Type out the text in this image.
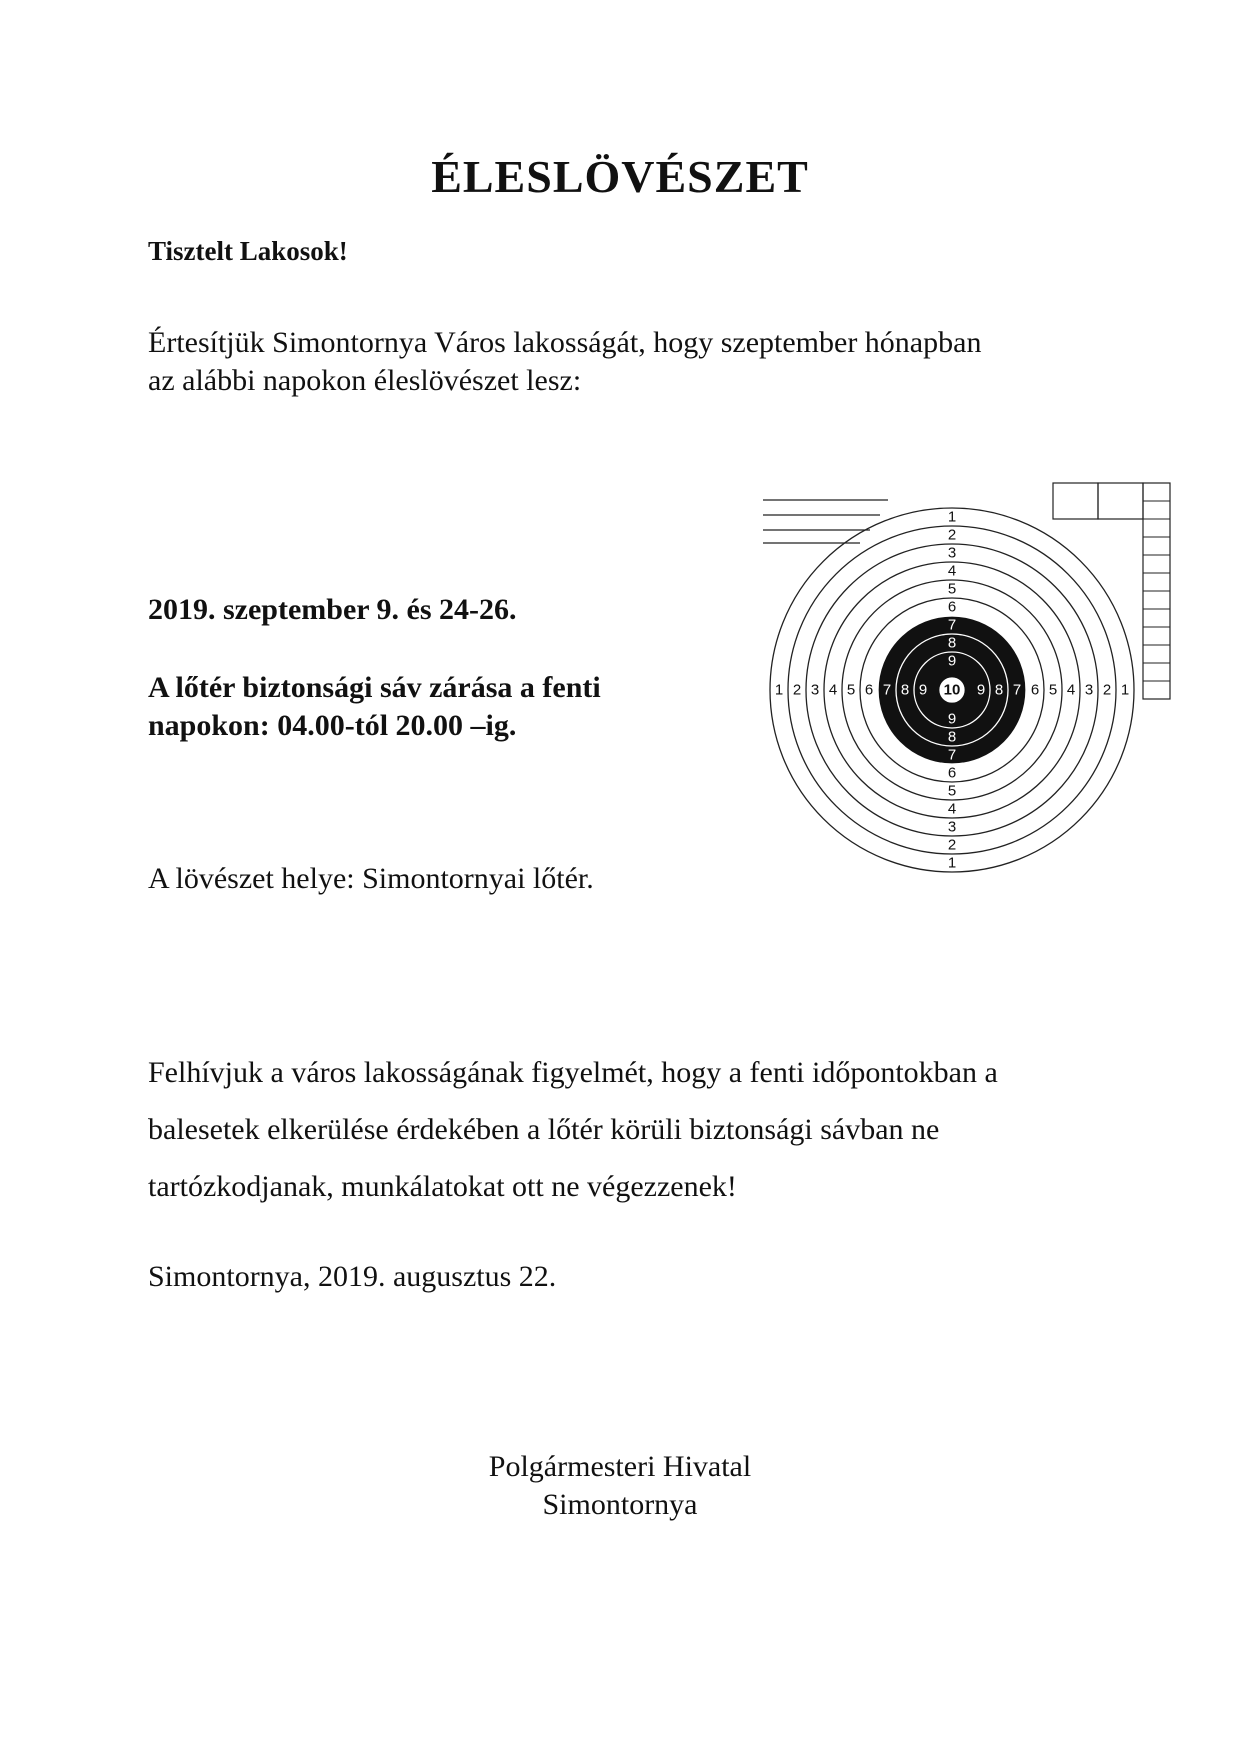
ÉLESLÖVÉSZET
Tisztelt Lakosok!
Értesítjük Simontornya Város lakosságát, hogy szeptember hónapban
az alábbi napokon éleslövészet lesz:
2019. szeptember 9. és 24-26.
A lőtér biztonsági sáv zárása a fenti
napokon: 04.00-tól 20.00 –ig.
A lövészet helye: Simontornyai lőtér.
Felhívjuk a város lakosságának figyelmét, hogy a fenti időpontokban a
balesetek elkerülése érdekében a lőtér körüli biztonsági sávban ne
tartózkodjanak, munkálatokat ott ne végezzenek!
Simontornya, 2019. augusztus 22.
Polgármesteri Hivatal
Simontornya
1
1
1	1
2
2
2	2
3
3
3	3
4
4
4	4
5
5
5	5
6
6
6	6
7
7
7	7
8
8
8	8
9
9
9	9
10
